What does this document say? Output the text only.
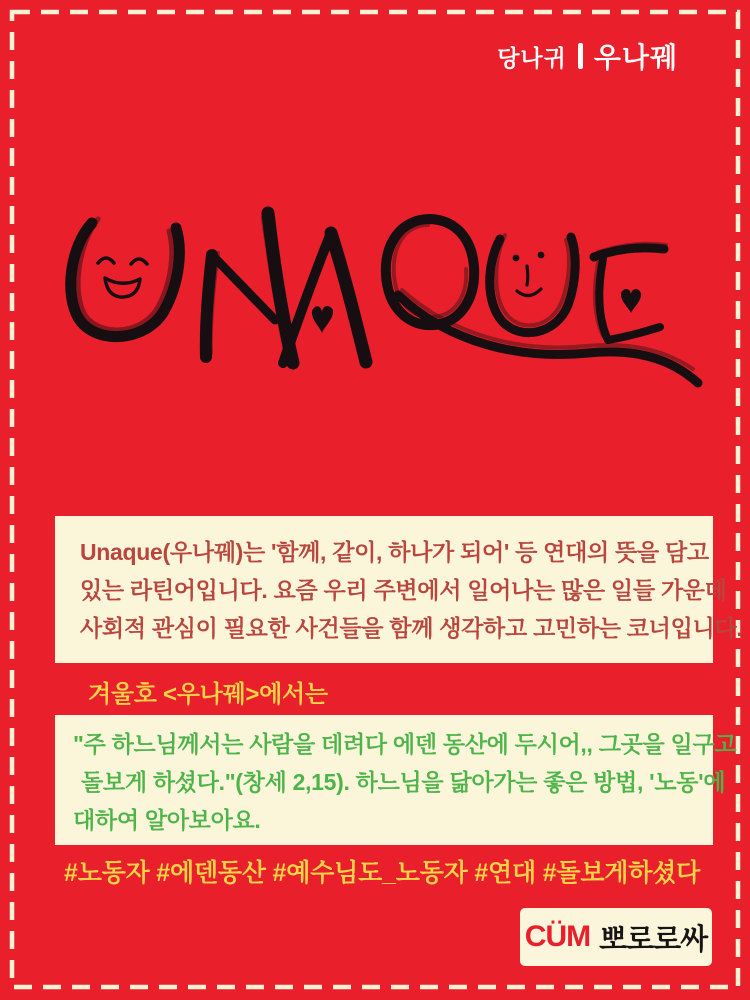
당나귀 우나꿰
Unaque(우나꿰)는 '함께, 같이, 하나가 되어' 등 연대의 뜻을 담고
있는 라틴어입니다. 요즘 우리 주변에서 일어나는 많은 일들 가운데
사회적 관심이 필요한 사건들을 함께 생각하고 고민하는 코너입니다.
겨울호 <우나꿰>에서는
"주 하느님께서는 사람을 데려다 에덴 동산에 두시어,, 그곳을 일구고
돌보게 하셨다."(창세 2,15). 하느님을 닮아가는 좋은 방법, '노동'에
대하여 알아보아요.
#노동자 #에덴동산 #예수님도_노동자 #연대 #돌보게하셨다
CÜM 뽀로로싸
